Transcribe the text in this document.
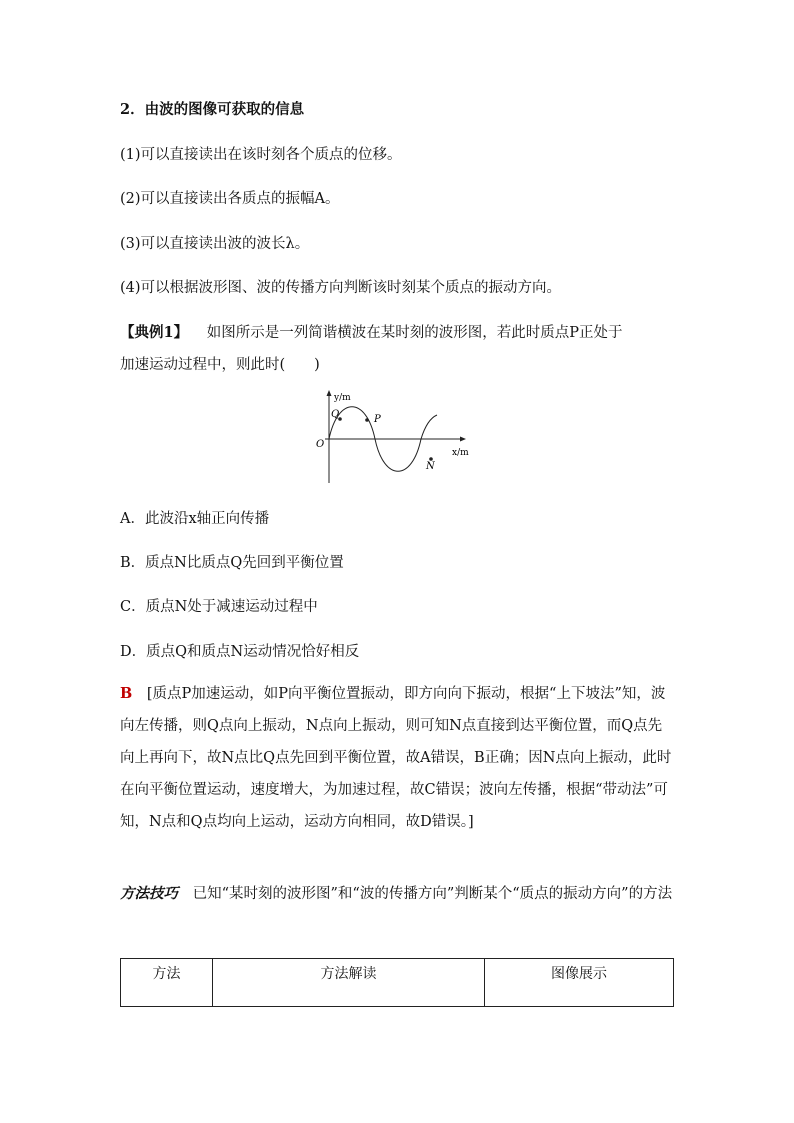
2．由波的图像可获取的信息
(1)可以直接读出在该时刻各个质点的位移。
(2)可以直接读出各质点的振幅A。
(3)可以直接读出波的波长λ。
(4)可以根据波形图、波的传播方向判断该时刻某个质点的振动方向。
【典例1】 如图所示是一列简谐横波在某时刻的波形图，若此时质点P正处于
加速运动过程中，则此时(　　)
y/m
x/m
O
Q	P
N
A．此波沿x轴正向传播
B．质点N比质点Q先回到平衡位置
C．质点N处于减速运动过程中
D．质点Q和质点N运动情况恰好相反
B [质点P加速运动，如P向平衡位置振动，即方向向下振动，根据“上下坡法”知，波向左传播，则Q点向上振动，N点向上振动，则可知N点直接到达平衡位置，而Q点先向上再向下，故N点比Q点先回到平衡位置，故A错误，B正确；因N点向上振动，此时在向平衡位置运动，速度增大，为加速过程，故C错误；波向左传播，根据“带动法”可知，N点和Q点均向上运动，运动方向相同，故D错误。]
方法技巧 已知“某时刻的波形图”和“波的传播方向”判断某个“质点的振动方向”的方法
方法	方法解读	图像展示
